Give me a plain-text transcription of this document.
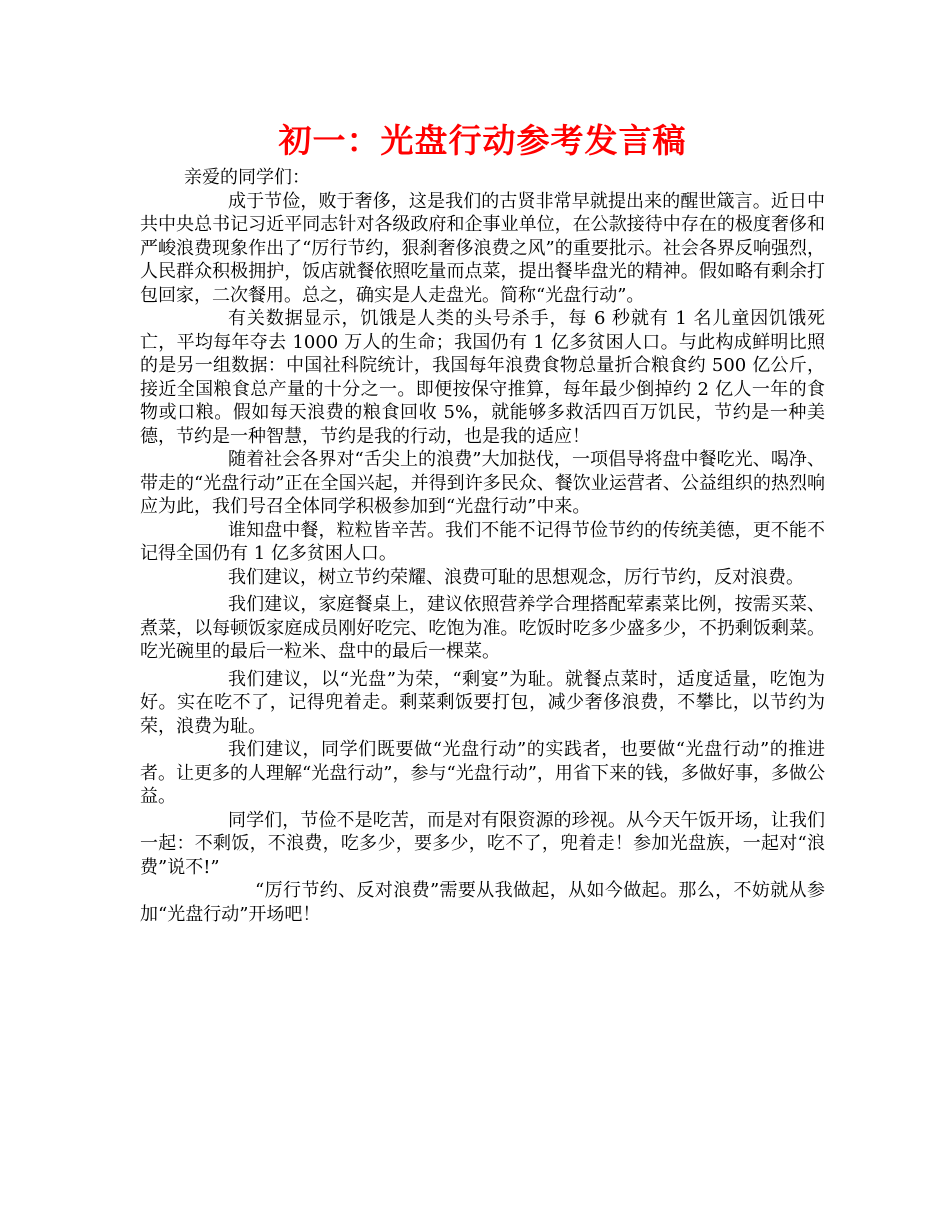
初一：光盘行动参考发言稿

亲爱的同学们：

成于节俭，败于奢侈，这是我们的古贤非常早就提出来的醒世箴言。近日中共中央总书记习近平同志针对各级政府和企事业单位，在公款接待中存在的极度奢侈和严峻浪费现象作出了“厉行节约，狠刹奢侈浪费之风”的重要批示。社会各界反响强烈，人民群众积极拥护，饭店就餐依照吃量而点菜，提出餐毕盘光的精神。假如略有剩余打包回家，二次餐用。总之，确实是人走盘光。简称“光盘行动”。

有关数据显示，饥饿是人类的头号杀手，每 6 秒就有 1 名儿童因饥饿死亡，平均每年夺去 1000 万人的生命；我国仍有 1 亿多贫困人口。与此构成鲜明比照的是另一组数据：中国社科院统计，我国每年浪费食物总量折合粮食约 500 亿公斤，接近全国粮食总产量的十分之一。即便按保守推算，每年最少倒掉约 2 亿人一年的食物或口粮。假如每天浪费的粮食回收 5%，就能够多救活四百万饥民，节约是一种美德，节约是一种智慧，节约是我的行动，也是我的适应！

随着社会各界对“舌尖上的浪费”大加挞伐，一项倡导将盘中餐吃光、喝净、带走的“光盘行动”正在全国兴起，并得到许多民众、餐饮业运营者、公益组织的热烈响应为此，我们号召全体同学积极参加到“光盘行动”中来。

谁知盘中餐，粒粒皆辛苦。我们不能不记得节俭节约的传统美德，更不能不记得全国仍有 1 亿多贫困人口。

我们建议，树立节约荣耀、浪费可耻的思想观念，厉行节约，反对浪费。

我们建议，家庭餐桌上，建议依照营养学合理搭配荤素菜比例，按需买菜、煮菜，以每顿饭家庭成员刚好吃完、吃饱为准。吃饭时吃多少盛多少，不扔剩饭剩菜。吃光碗里的最后一粒米、盘中的最后一棵菜。

我们建议，以“光盘”为荣，“剩宴”为耻。就餐点菜时，适度适量，吃饱为好。实在吃不了，记得兜着走。剩菜剩饭要打包，减少奢侈浪费，不攀比，以节约为荣，浪费为耻。

我们建议，同学们既要做“光盘行动”的实践者，也要做“光盘行动”的推进者。让更多的人理解“光盘行动”，参与“光盘行动”，用省下来的钱，多做好事，多做公益。

同学们，节俭不是吃苦，而是对有限资源的珍视。从今天午饭开场，让我们一起：不剩饭，不浪费，吃多少，要多少，吃不了，兜着走！参加光盘族，一起对“浪费”说不!”

“厉行节约、反对浪费”需要从我做起，从如今做起。那么，不妨就从参加“光盘行动”开场吧！
